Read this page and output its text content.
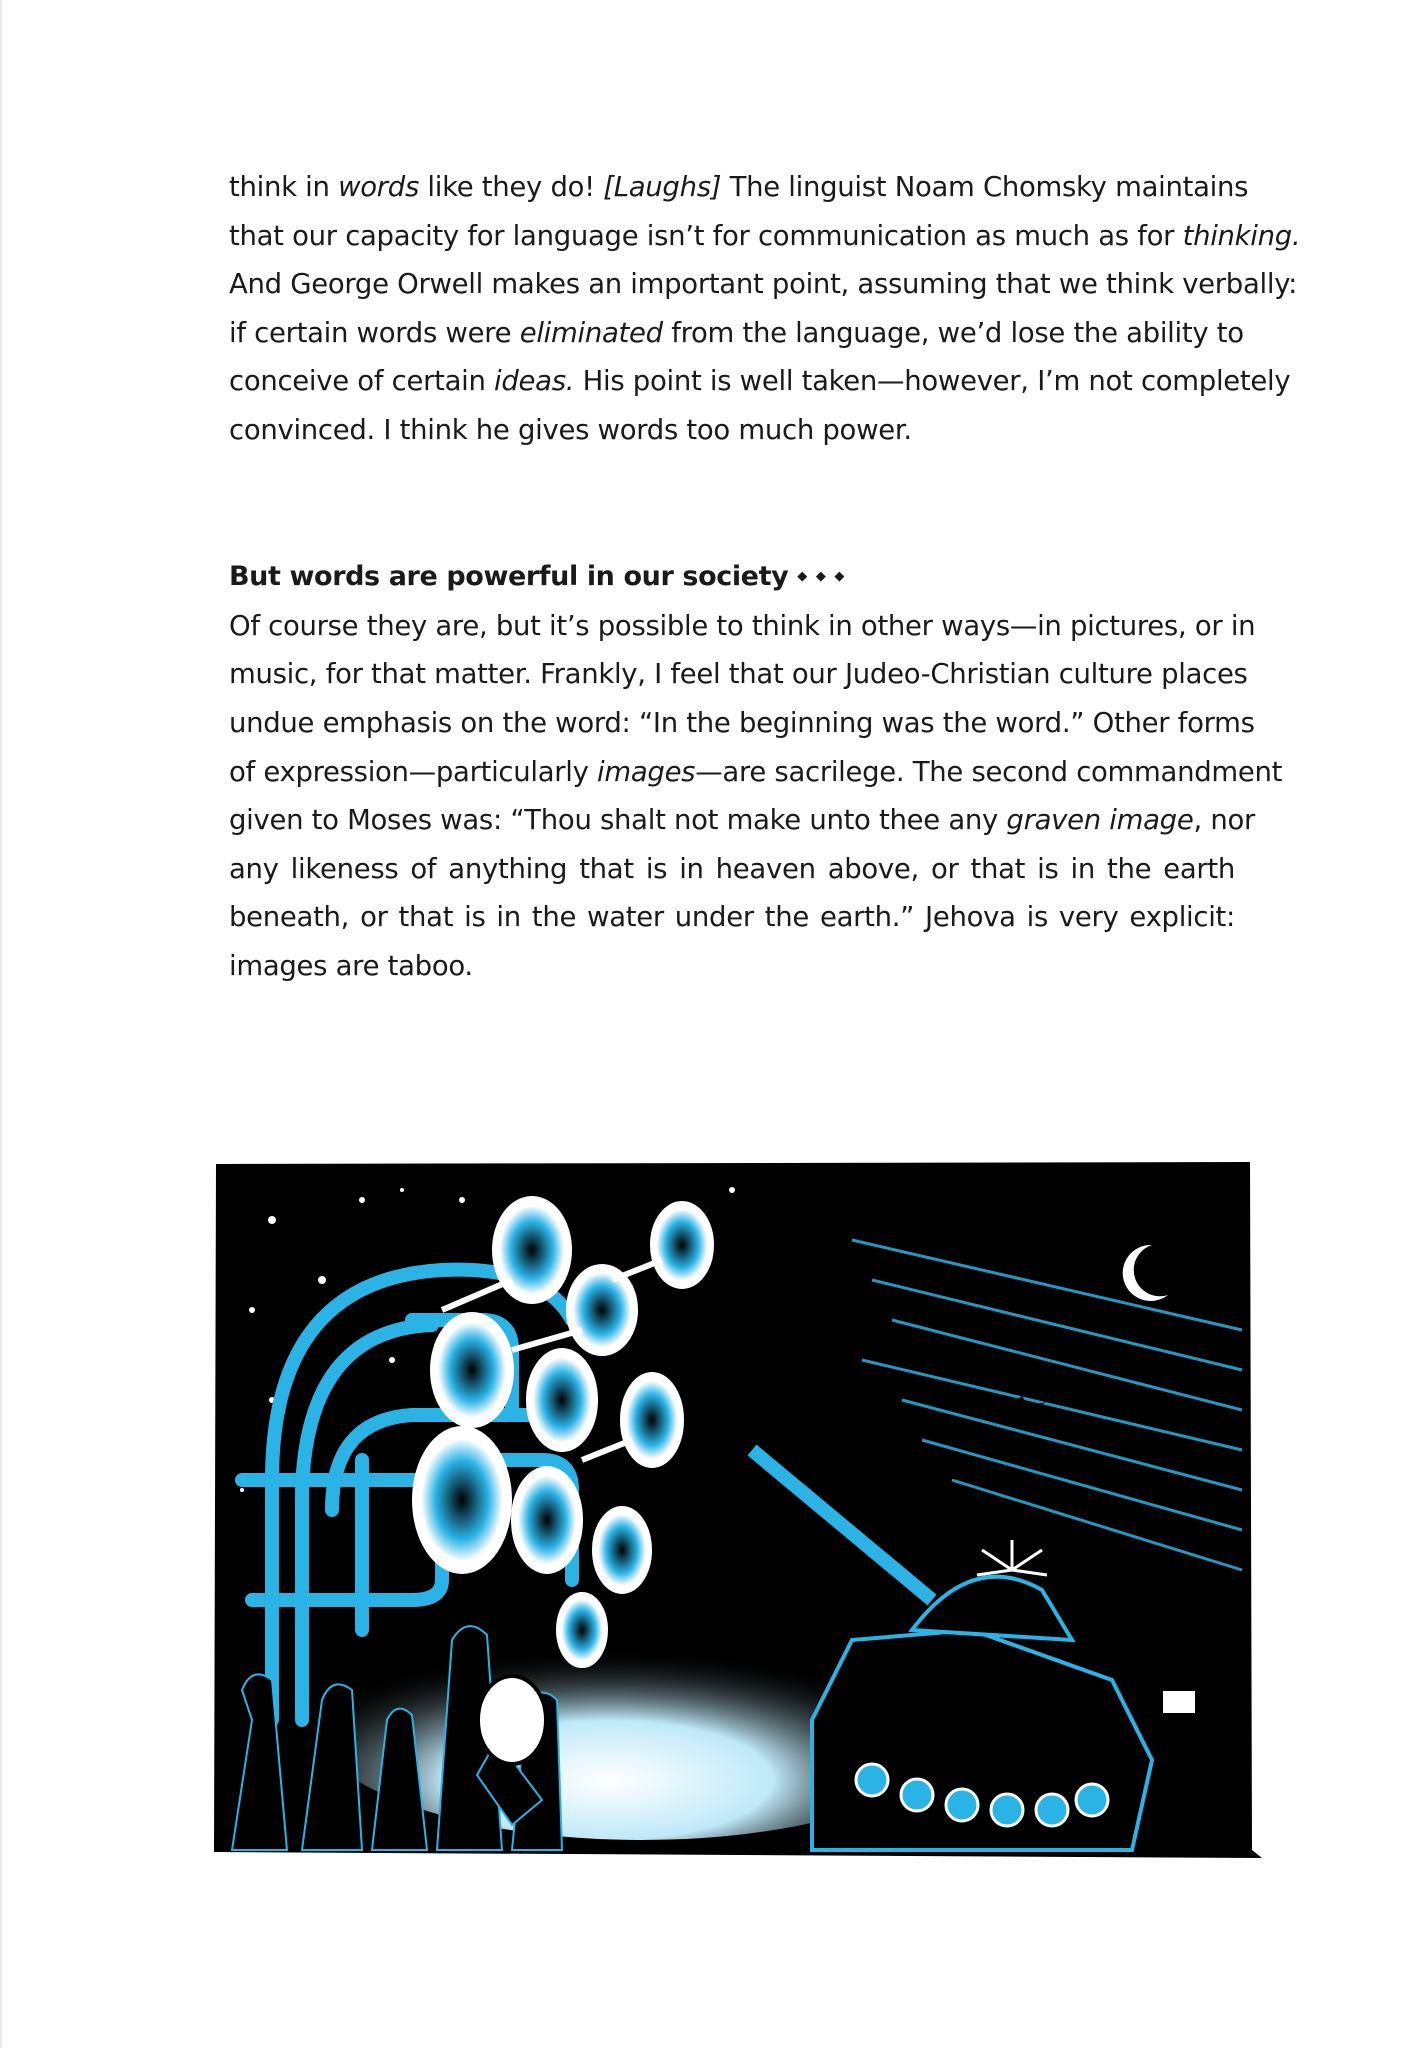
think in words like they do! [Laughs] The linguist Noam Chomsky maintains
that our capacity for language isn’t for communication as much as for thinking.
And George Orwell makes an important point, assuming that we think verbally:
if certain words were eliminated from the language, we’d lose the ability to
conceive of certain ideas. His point is well taken—however, I’m not completely
convinced. I think he gives words too much power.
But words are powerful in our society ◆ ◆ ◆
Of course they are, but it’s possible to think in other ways—in pictures, or in
music, for that matter. Frankly, I feel that our Judeo-Christian culture places
undue emphasis on the word: “In the beginning was the word.” Other forms
of expression—particularly images—are sacrilege. The second commandment
given to Moses was: “Thou shalt not make unto thee any graven image, nor
any likeness of anything that is in heaven above, or that is in the earth
beneath, or that is in the water under the earth.” Jehova is very explicit:
images are taboo.
